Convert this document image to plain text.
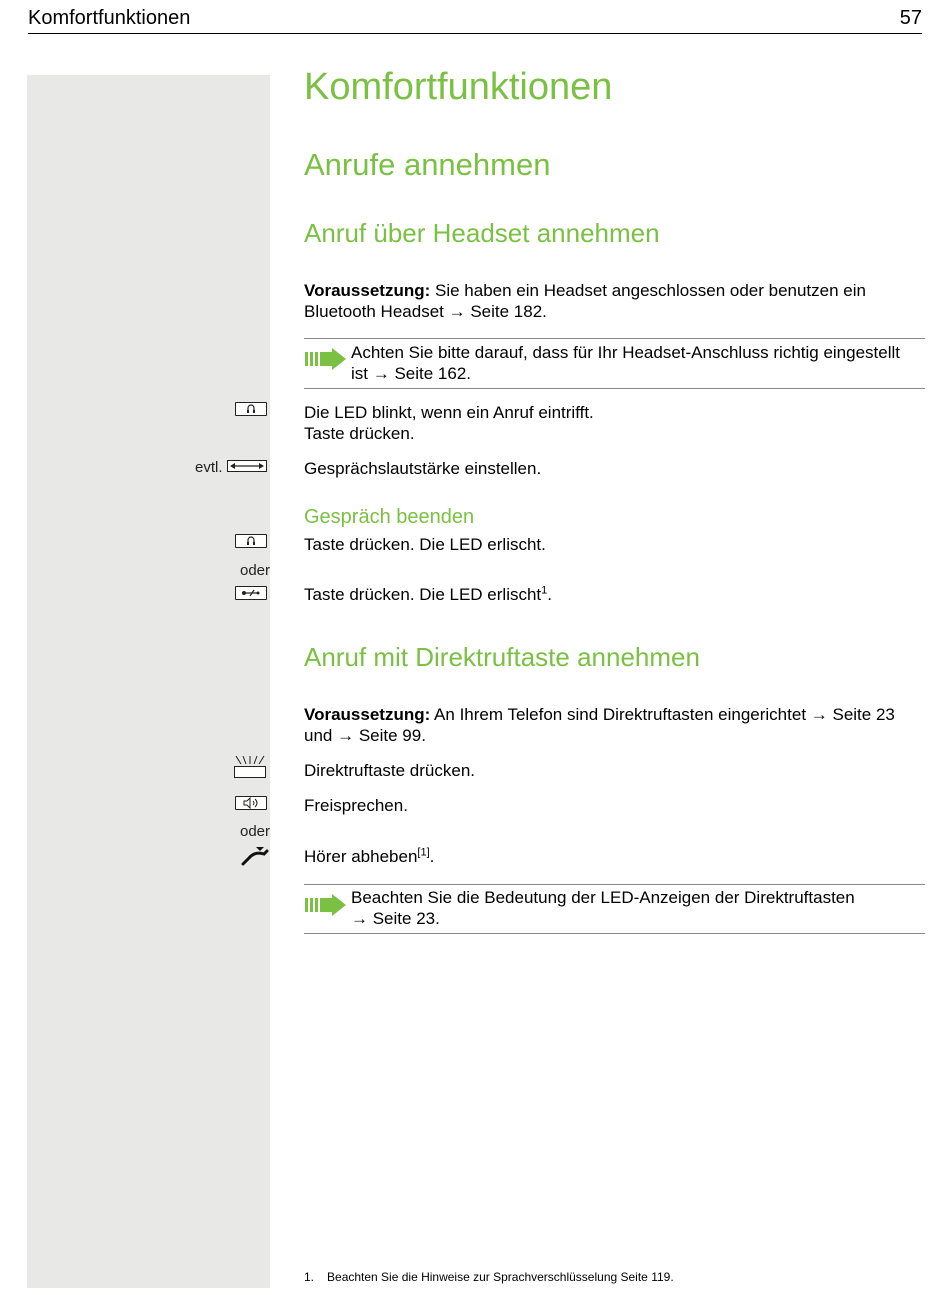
Komfortfunktionen	57
Komfortfunktionen
Anrufe annehmen
Anruf über Headset annehmen
Voraussetzung: Sie haben ein Headset angeschlossen oder benutzen ein
Bluetooth Headset → Seite 182.
Achten Sie bitte darauf, dass für Ihr Headset-Anschluss richtig eingestellt
ist → Seite 162.
Die LED blinkt, wenn ein Anruf eintrifft.
Taste drücken.
evtl.	Gesprächslautstärke einstellen.
Gespräch beenden
Taste drücken. Die LED erlischt.
oder
Taste drücken. Die LED erlischt$^1$.
Anruf mit Direktruftaste annehmen
Voraussetzung: An Ihrem Telefon sind Direktruftasten eingerichtet → Seite 23
und → Seite 99.
Direktruftaste drücken.
Freisprechen.
oder
Hörer abheben[1].
Beachten Sie die Bedeutung der LED-Anzeigen der Direktruftasten
→ Seite 23.
1. Beachten Sie die Hinweise zur Sprachverschlüsselung Seite 119.
